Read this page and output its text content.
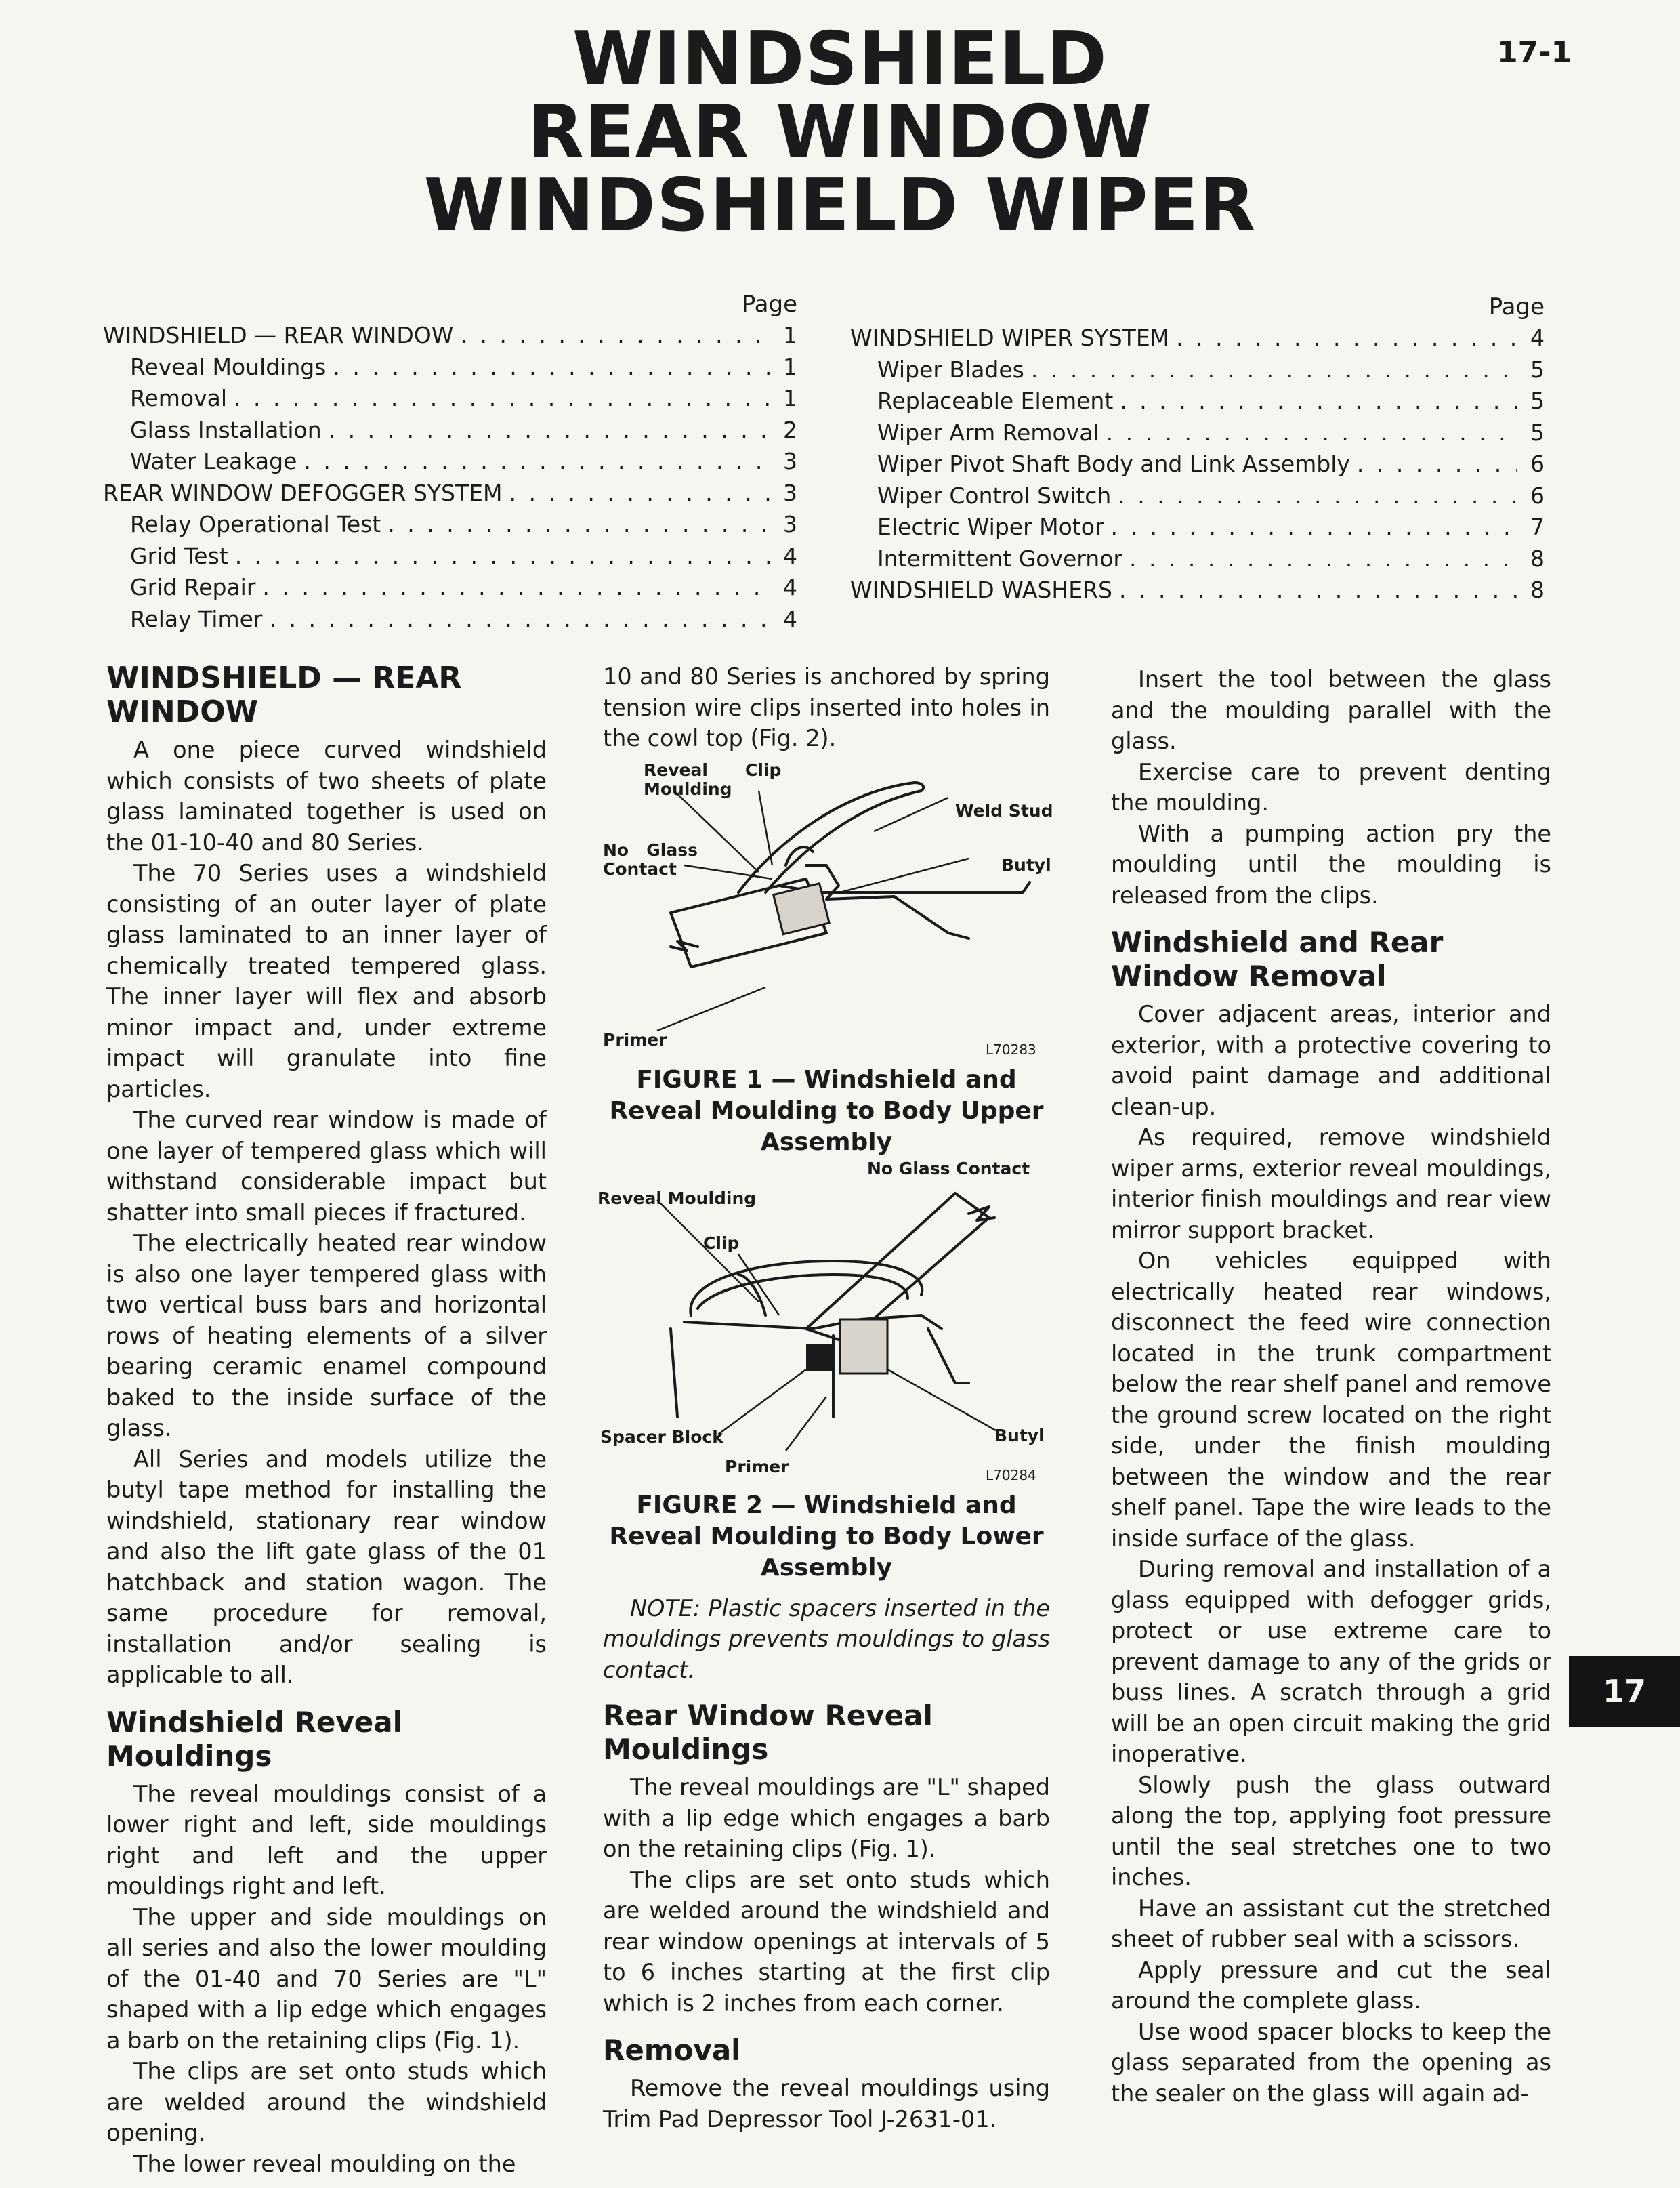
17-1
WINDSHIELD
REAR WINDOW
WINDSHIELD WIPER
17
Page
WINDSHIELD — REAR WINDOW . . .	1
Reveal Mouldings . . .	1
Removal . . .	1
Glass Installation . . .	2
Water Leakage . . .	3
REAR WINDOW DEFOGGER SYSTEM . . .	3
Relay Operational Test . . .	3
Grid Test . . .	4
Grid Repair . . .	4
Relay Timer . . .	4
Page
WINDSHIELD WIPER SYSTEM . . .	4
Wiper Blades . . .	5
Replaceable Element . . .	5
Wiper Arm Removal . . .	5
Wiper Pivot Shaft Body and Link Assembly . . .	6
Wiper Control Switch . . .	6
Electric Wiper Motor . . .	7
Intermittent Governor . . .	8
WINDSHIELD WASHERS . . .	8
WINDSHIELD — REAR WINDOW

A one piece curved windshield which consists of two sheets of plate glass laminated together is used on the 01-10-40 and 80 Series.

The 70 Series uses a windshield consisting of an outer layer of plate glass laminated to an inner layer of chemically treated tempered glass. The inner layer will flex and absorb minor impact and, under extreme impact will granulate into fine particles.

The curved rear window is made of one layer of tempered glass which will withstand considerable impact but shatter into small pieces if fractured.

The electrically heated rear window is also one layer tempered glass with two vertical buss bars and horizontal rows of heating elements of a silver bearing ceramic enamel compound baked to the inside surface of the glass.

All Series and models utilize the butyl tape method for installing the windshield, stationary rear window and also the lift gate glass of the 01 hatchback and station wagon. The same procedure for removal, installation and/or sealing is applicable to all.

Windshield Reveal Mouldings

The reveal mouldings consist of a lower right and left, side mouldings right and left and the upper mouldings right and left.

The upper and side mouldings on all series and also the lower moulding of the 01-40 and 70 Series are "L" shaped with a lip edge which engages a barb on the retaining clips (Fig. 1).

The clips are set onto studs which are welded around the windshield opening.

The lower reveal moulding on the

10 and 80 Series is anchored by spring tension wire clips inserted into holes in the cowl top (Fig. 2).

Reveal Moulding
Clip
Weld Stud
No Glass Contact	Butyl
Primer	L70283
FIGURE 1 — Windshield and Reveal Moulding to Body Upper Assembly
No Glass Contact
Reveal Moulding
Clip
Spacer Block	Butyl
Primer	L70284
FIGURE 2 — Windshield and Reveal Moulding to Body Lower Assembly

NOTE: Plastic spacers inserted in the mouldings prevents mouldings to glass contact.

Rear Window Reveal Mouldings

The reveal mouldings are "L" shaped with a lip edge which engages a barb on the retaining clips (Fig. 1).

The clips are set onto studs which are welded around the windshield and rear window openings at intervals of 5 to 6 inches starting at the first clip which is 2 inches from each corner.

Removal

Remove the reveal mouldings using Trim Pad Depressor Tool J-2631-01.

Insert the tool between the glass and the moulding parallel with the glass.

Exercise care to prevent denting the moulding.

With a pumping action pry the moulding until the moulding is released from the clips.

Windshield and Rear Window Removal

Cover adjacent areas, interior and exterior, with a protective covering to avoid paint damage and additional clean-up.

As required, remove windshield wiper arms, exterior reveal mouldings, interior finish mouldings and rear view mirror support bracket.

On vehicles equipped with electrically heated rear windows, disconnect the feed wire connection located in the trunk compartment below the rear shelf panel and remove the ground screw located on the right side, under the finish moulding between the window and the rear shelf panel. Tape the wire leads to the inside surface of the glass.

During removal and installation of a glass equipped with defogger grids, protect or use extreme care to prevent damage to any of the grids or buss lines. A scratch through a grid will be an open circuit making the grid inoperative.

Slowly push the glass outward along the top, applying foot pressure until the seal stretches one to two inches.

Have an assistant cut the stretched sheet of rubber seal with a scissors.

Apply pressure and cut the seal around the complete glass.

Use wood spacer blocks to keep the glass separated from the opening as the sealer on the glass will again ad-
